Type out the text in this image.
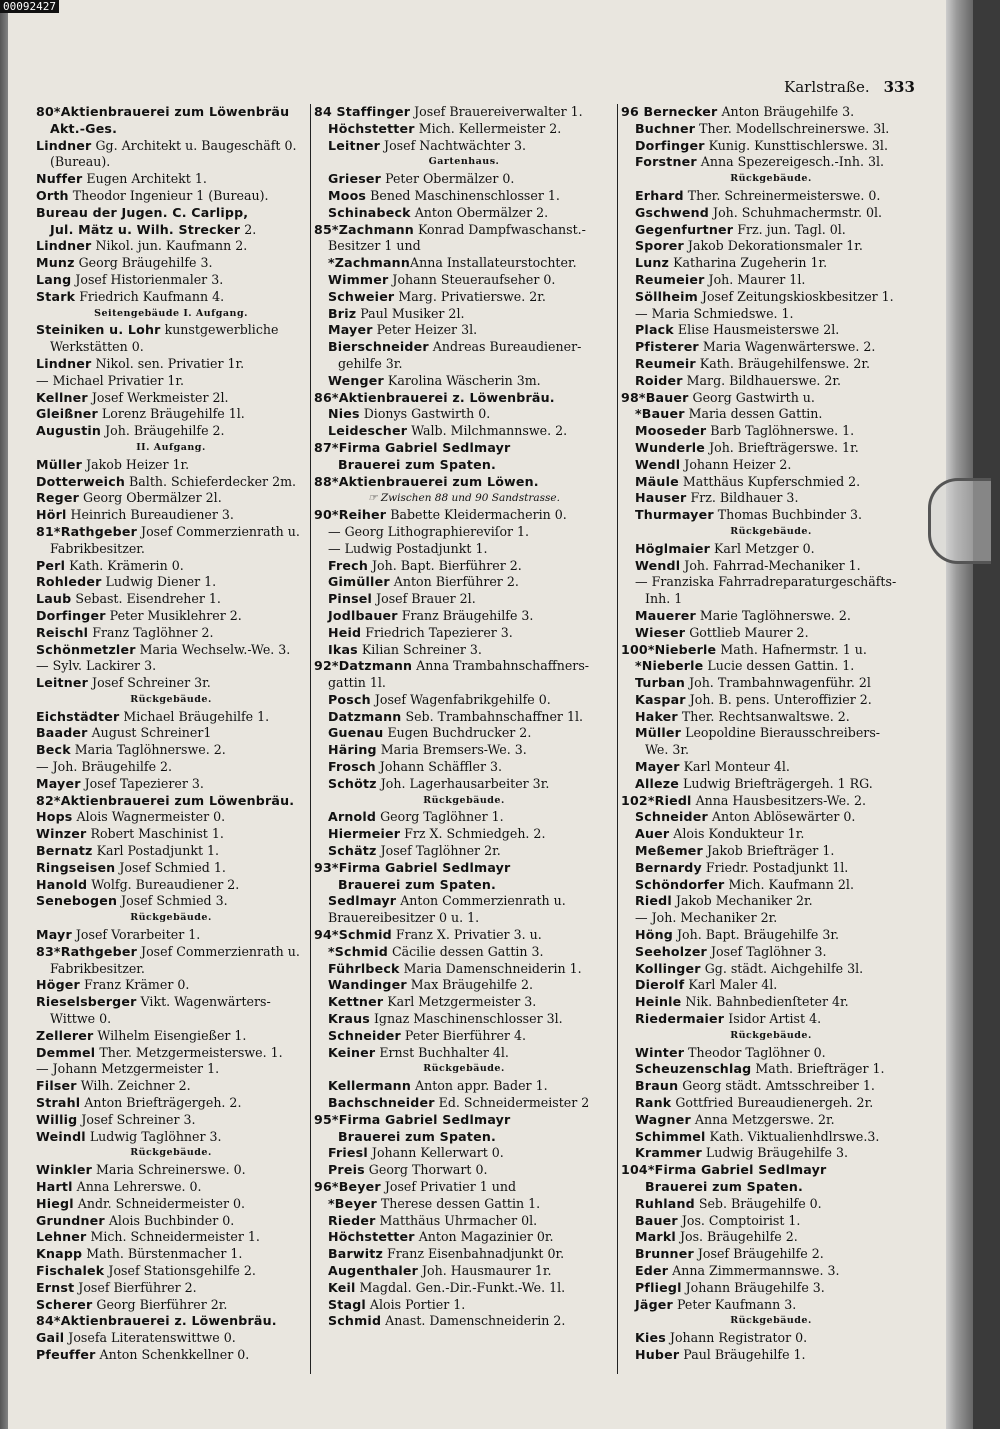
Karlstraße. 333
80*Aktienbrauerei zum Löwenbräu
Akt.-Ges.
Lindner Gg. Architekt u. Baugeschäft 0.
(Bureau).
Nuffer Eugen Architekt 1.
Orth Theodor Ingenieur 1 (Bureau).
Bureau der Jugen. C. Carlipp,
Jul. Mätz u. Wilh. Strecker 2.
Lindner Nikol. jun. Kaufmann 2.
Munz Georg Bräugehilfe 3.
Lang Josef Historienmaler 3.
Stark Friedrich Kaufmann 4.
Seitengebäude I. Aufgang.
Steiniken u. Lohr kunstgewerbliche
Werkstätten 0.
Lindner Nikol. sen. Privatier 1r.
— Michael Privatier 1r.
Kellner Josef Werkmeister 2l.
Gleißner Lorenz Bräugehilfe 1l.
Augustin Joh. Bräugehilfe 2.
II. Aufgang.
Müller Jakob Heizer 1r.
Dotterweich Balth. Schieferdecker 2m.
Reger Georg Obermälzer 2l.
Hörl Heinrich Bureaudiener 3.
81*Rathgeber Josef Commerzienrath u.
Fabrikbesitzer.
Perl Kath. Krämerin 0.
Rohleder Ludwig Diener 1.
Laub Sebast. Eisendreher 1.
Dorfinger Peter Musiklehrer 2.
Reischl Franz Taglöhner 2.
Schönmetzler Maria Wechselw.-We. 3.
— Sylv. Lackirer 3.
Leitner Josef Schreiner 3r.
Rückgebäude.
Eichstädter Michael Bräugehilfe 1.
Baader August Schreiner1
Beck Maria Taglöhnerswe. 2.
— Joh. Bräugehilfe 2.
Mayer Josef Tapezierer 3.
82*Aktienbrauerei zum Löwenbräu.
Hops Alois Wagnermeister 0.
Winzer Robert Maschinist 1.
Bernatz Karl Postadjunkt 1.
Ringseisen Josef Schmied 1.
Hanold Wolfg. Bureaudiener 2.
Senebogen Josef Schmied 3.
Rückgebäude.
Mayr Josef Vorarbeiter 1.
83*Rathgeber Josef Commerzienrath u.
Fabrikbesitzer.
Höger Franz Krämer 0.
Rieselsberger Vikt. Wagenwärters-
Wittwe 0.
Zellerer Wilhelm Eisengießer 1.
Demmel Ther. Metzgermeisterswe. 1.
— Johann Metzgermeister 1.
Filser Wilh. Zeichner 2.
Strahl Anton Briefträgergeh. 2.
Willig Josef Schreiner 3.
Weindl Ludwig Taglöhner 3.
Rückgebäude.
Winkler Maria Schreinerswe. 0.
Hartl Anna Lehrerswe. 0.
Hiegl Andr. Schneidermeister 0.
Grundner Alois Buchbinder 0.
Lehner Mich. Schneidermeister 1.
Knapp Math. Bürstenmacher 1.
Fischalek Josef Stationsgehilfe 2.
Ernst Josef Bierführer 2.
Scherer Georg Bierführer 2r.
84*Aktienbrauerei z. Löwenbräu.
Gail Josefa Literatenswittwe 0.
Pfeuffer Anton Schenkkellner 0.
84 Staffinger Josef Brauereiverwalter 1.
Höchstetter Mich. Kellermeister 2.
Leitner Josef Nachtwächter 3.
Gartenhaus.
Grieser Peter Obermälzer 0.
Moos Bened Maschinenschlosser 1.
Schinabeck Anton Obermälzer 2.
85*Zachmann Konrad Dampfwaschanst.-
Besitzer 1 und
*ZachmannAnna Installateurstochter.
Wimmer Johann Steueraufseher 0.
Schweier Marg. Privatierswe. 2r.
Briz Paul Musiker 2l.
Mayer Peter Heizer 3l.
Bierschneider Andreas Bureaudiener-
gehilfe 3r.
Wenger Karolina Wäscherin 3m.
86*Aktienbrauerei z. Löwenbräu.
Nies Dionys Gastwirth 0.
Leidescher Walb. Milchmannswe. 2.
87*Firma Gabriel Sedlmayr
Brauerei zum Spaten.
88*Aktienbrauerei zum Löwen.
☞ Zwischen 88 und 90 Sandstrasse.
90*Reiher Babette Kleidermacherin 0.
— Georg Lithographiereviſor 1.
— Ludwig Postadjunkt 1.
Frech Joh. Bapt. Bierführer 2.
Gimüller Anton Bierführer 2.
Pinsel Josef Brauer 2l.
Jodlbauer Franz Bräugehilfe 3.
Heid Friedrich Tapezierer 3.
Ikas Kilian Schreiner 3.
92*Datzmann Anna Trambahnschaffners-
gattin 1l.
Posch Josef Wagenfabrikgehilfe 0.
Datzmann Seb. Trambahnschaffner 1l.
Guenau Eugen Buchdrucker 2.
Häring Maria Bremsers-We. 3.
Frosch Johann Schäffler 3.
Schötz Joh. Lagerhausarbeiter 3r.
Rückgebäude.
Arnold Georg Taglöhner 1.
Hiermeier Frz X. Schmiedgeh. 2.
Schätz Josef Taglöhner 2r.
93*Firma Gabriel Sedlmayr
Brauerei zum Spaten.
Sedlmayr Anton Commerzienrath u.
Brauereibesitzer 0 u. 1.
94*Schmid Franz X. Privatier 3. u.
*Schmid Cäcilie dessen Gattin 3.
Führlbeck Maria Damenschneiderin 1.
Wandinger Max Bräugehilfe 2.
Kettner Karl Metzgermeister 3.
Kraus Ignaz Maschinenschlosser 3l.
Schneider Peter Bierführer 4.
Keiner Ernst Buchhalter 4l.
Rückgebäude.
Kellermann Anton appr. Bader 1.
Bachschneider Ed. Schneidermeister 2
95*Firma Gabriel Sedlmayr
Brauerei zum Spaten.
Friesl Johann Kellerwart 0.
Preis Georg Thorwart 0.
96*Beyer Josef Privatier 1 und
*Beyer Therese dessen Gattin 1.
Rieder Matthäus Uhrmacher 0l.
Höchstetter Anton Magazinier 0r.
Barwitz Franz Eisenbahnadjunkt 0r.
Augenthaler Joh. Hausmaurer 1r.
Keil Magdal. Gen.-Dir.-Funkt.-We. 1l.
Stagl Alois Portier 1.
Schmid Anast. Damenschneiderin 2.
96 Bernecker Anton Bräugehilfe 3.
Buchner Ther. Modellschreinerswe. 3l.
Dorfinger Kunig. Kunsttischlerswe. 3l.
Forstner Anna Spezereigesch.-Inh. 3l.
Rückgebäude.
Erhard Ther. Schreinermeisterswe. 0.
Gschwend Joh. Schuhmachermstr. 0l.
Gegenfurtner Frz. jun. Tagl. 0l.
Sporer Jakob Dekorationsmaler 1r.
Lunz Katharina Zugeherin 1r.
Reumeier Joh. Maurer 1l.
Söllheim Josef Zeitungskioskbesitzer 1.
— Maria Schmiedswe. 1.
Plack Elise Hausmeisterswe 2l.
Pfisterer Maria Wagenwärterswe. 2.
Reumeir Kath. Bräugehilfenswe. 2r.
Roider Marg. Bildhauerswe. 2r.
98*Bauer Georg Gastwirth u.
*Bauer Maria dessen Gattin.
Mooseder Barb Taglöhnerswe. 1.
Wunderle Joh. Briefträgerswe. 1r.
Wendl Johann Heizer 2.
Mäule Matthäus Kupferschmied 2.
Hauser Frz. Bildhauer 3.
Thurmayer Thomas Buchbinder 3.
Rückgebäude.
Höglmaier Karl Metzger 0.
Wendl Joh. Fahrrad-Mechaniker 1.
— Franziska Fahrradreparaturgeschäfts-
Inh. 1
Mauerer Marie Taglöhnerswe. 2.
Wieser Gottlieb Maurer 2.
100*Nieberle Math. Hafnermstr. 1 u.
*Nieberle Lucie dessen Gattin. 1.
Turban Joh. Trambahnwagenführ. 2l
Kaspar Joh. B. pens. Unteroffizier 2.
Haker Ther. Rechtsanwaltswe. 2.
Müller Leopoldine Bierausschreibers-
We. 3r.
Mayer Karl Monteur 4l.
Alleze Ludwig Briefträgergeh. 1 RG.
102*Riedl Anna Hausbesitzers-We. 2.
Schneider Anton Ablösewärter 0.
Auer Alois Kondukteur 1r.
Meßemer Jakob Briefträger 1.
Bernardy Friedr. Postadjunkt 1l.
Schöndorfer Mich. Kaufmann 2l.
Riedl Jakob Mechaniker 2r.
— Joh. Mechaniker 2r.
Höng Joh. Bapt. Bräugehilfe 3r.
Seeholzer Josef Taglöhner 3.
Kollinger Gg. städt. Aichgehilfe 3l.
Dierolf Karl Maler 4l.
Heinle Nik. Bahnbedienſteter 4r.
Riedermaier Isidor Artist 4.
Rückgebäude.
Winter Theodor Taglöhner 0.
Scheuzenschlag Math. Briefträger 1.
Braun Georg städt. Amtsschreiber 1.
Rank Gottfried Bureaudienergeh. 2r.
Wagner Anna Metzgerswe. 2r.
Schimmel Kath. Viktualienhdlrswe.3.
Krammer Ludwig Bräugehilfe 3.
104*Firma Gabriel Sedlmayr
Brauerei zum Spaten.
Ruhland Seb. Bräugehilfe 0.
Bauer Jos. Comptoirist 1.
Markl Jos. Bräugehilfe 2.
Brunner Josef Bräugehilfe 2.
Eder Anna Zimmermannswe. 3.
Pfliegl Johann Bräugehilfe 3.
Jäger Peter Kaufmann 3.
Rückgebäude.
Kies Johann Registrator 0.
Huber Paul Bräugehilfe 1.
00092427
